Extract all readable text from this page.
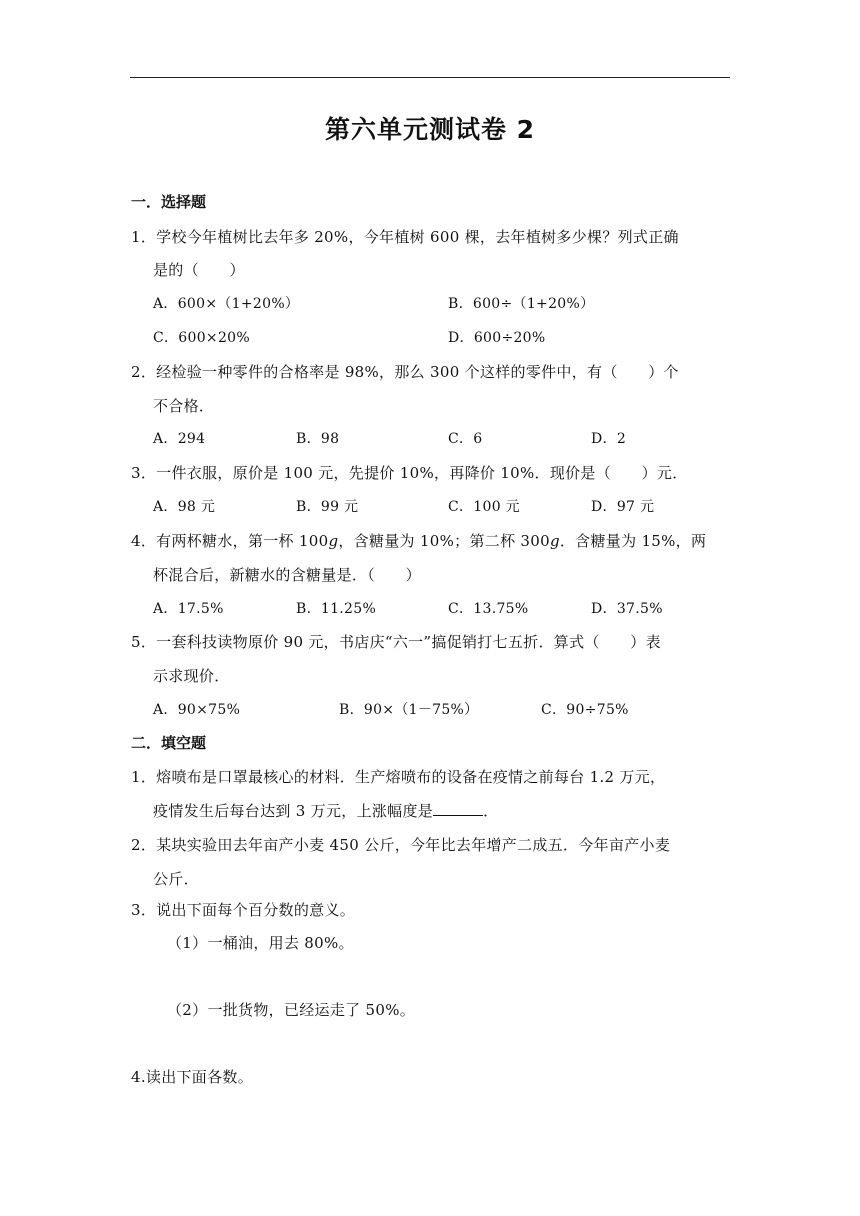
第六单元测试卷 2
一．选择题
1．学校今年植树比去年多 20%，今年植树 600 棵，去年植树多少棵？列式正确
是的（　　）
A．600×（1+20%）	B．600÷（1+20%）
C．600×20%	D．600÷20%
2．经检验一种零件的合格率是 98%，那么 300 个这样的零件中，有（　　）个
不合格．
A．294	B．98	C．6	D．2
3．一件衣服，原价是 100 元，先提价 10%，再降价 10%．现价是（　　）元．
A．98 元	B．99 元	C．100 元	D．97 元
4．有两杯糖水，第一杯 100g，含糖量为 10%；第二杯 300g．含糖量为 15%，两
杯混合后，新糖水的含糖量是．（　　）
A．17.5%	B．11.25%	C．13.75%	D．37.5%
5．一套科技读物原价 90 元，书店庆“六一”搞促销打七五折．算式（　　）表
示求现价．
A．90×75%	B．90×（1－75%）	C．90÷75%
二．填空题
1．熔喷布是口罩最核心的材料．生产熔喷布的设备在疫情之前每台 1.2 万元，
疫情发生后每台达到 3 万元，上涨幅度是	．
2．某块实验田去年亩产小麦 450 公斤，今年比去年增产二成五．今年亩产小麦
公斤．
3．说出下面每个百分数的意义。
（1）一桶油，用去 80%。
（2）一批货物，已经运走了 50%。
4.读出下面各数。
